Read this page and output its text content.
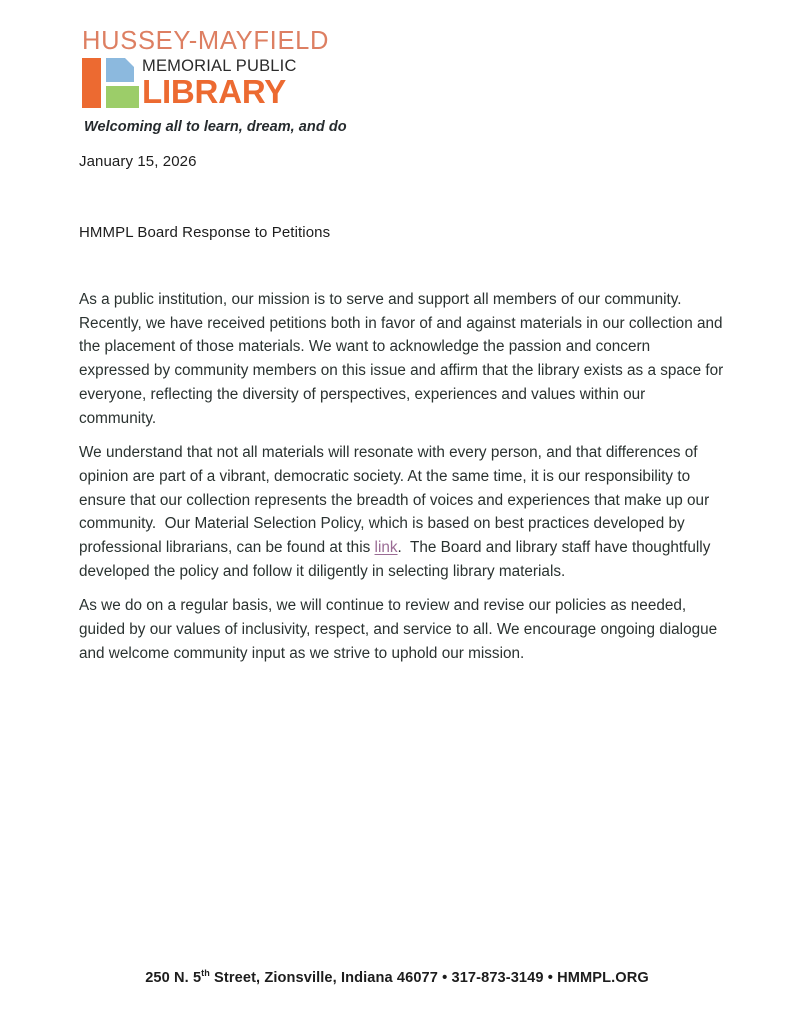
HUSSEY-MAYFIELD
MEMORIAL PUBLIC
LIBRARY
Welcoming all to learn, dream, and do
January 15, 2026
HMMPL Board Response to Petitions

As a public institution, our mission is to serve and support all members of our community. Recently, we have received petitions both in favor of and against materials in our collection and the placement of those materials. We want to acknowledge the passion and concern expressed by community members on this issue and affirm that the library exists as a space for everyone, reflecting the diversity of perspectives, experiences and values within our community.

We understand that not all materials will resonate with every person, and that differences of opinion are part of a vibrant, democratic society. At the same time, it is our responsibility to ensure that our collection represents the breadth of voices and experiences that make up our community.  Our Material Selection Policy, which is based on best practices developed by professional librarians, can be found at this link.  The Board and library staff have thoughtfully developed the policy and follow it diligently in selecting library materials.

As we do on a regular basis, we will continue to review and revise our policies as needed, guided by our values of inclusivity, respect, and service to all. We encourage ongoing dialogue and welcome community input as we strive to uphold our mission.

250 N. 5th Street, Zionsville, Indiana 46077 • 317-873-3149 • HMMPL.ORG
